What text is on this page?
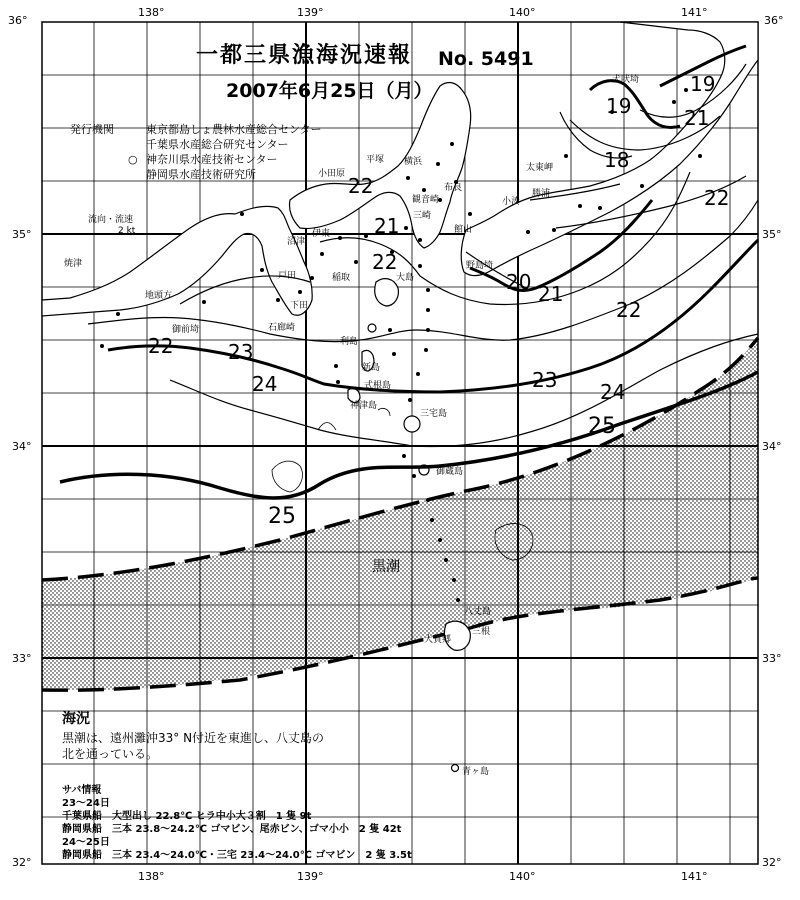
一都三県漁海況速報 No. 5491
2007年6月25日（月）
発行機関	東京都島しょ農林水産総合センター
千葉県水産総合研究センター
○ 神奈川県水産技術センター
静岡県水産技術研究所
138°	139°	140°	141°
138°	139°	140°	141°
36°
35°
34°
33°
32°
36°
35°
34°
33°
32°
流向・流速
2 kt
焼津
地頭方
御前埼
沼津
伊東
小田原
平塚 横浜
観音崎
三崎
館山
野島埼
小湊
勝浦
太東岬
犬吠埼
布良
戸田
下田
稲取	大島
石廊崎
利島
新島
式根島
神津島
三宅島
御蔵島
八丈島
大賀郷
三根
青ヶ島
25
25
24	24
23
23
22
22
22
22
22
21
21
21
20
19
19
18
黒潮
海況
黒潮は、遠州灘沖33° N付近を東進し、八丈島の
北を通っている。
サバ情報
23～24日
千葉県船　大型出し 22.8℃ ヒラ中小大３割　1 隻 9t
静岡県船　三本 23.8～24.2℃ ゴマビン、尾赤ビン、ゴマ小小　2 隻 42t
24～25日
静岡県船　三本 23.4～24.0℃・三宅 23.4～24.0℃ ゴマビン　2 隻 3.5t
